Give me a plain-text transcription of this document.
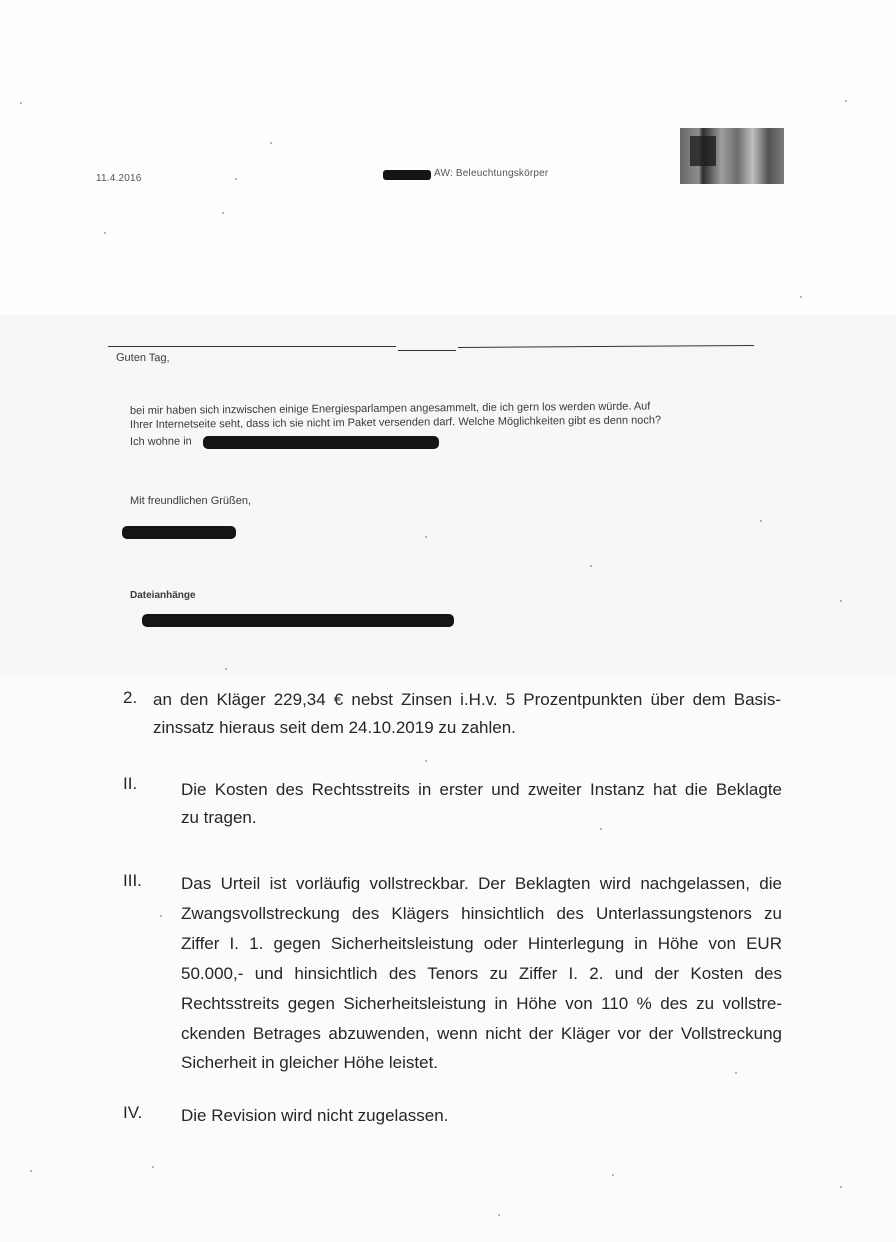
11.4.2016	AW: Beleuchtungskörper
Guten Tag,
bei mir haben sich inzwischen einige Energiesparlampen angesammelt, die ich gern los werden würde. Auf
Ihrer Internetseite seht, dass ich sie nicht im Paket versenden darf. Welche Möglichkeiten gibt es denn noch?
Ich wohne in
Mit freundlichen Grüßen,
Dateianhänge
2. an den Kläger 229,34 € nebst Zinsen i.H.v. 5 Prozentpunkten über dem Basis-
zinssatz hieraus seit dem 24.10.2019 zu zahlen.
II.	Die Kosten des Rechtsstreits in erster und zweiter Instanz hat die Beklagte
zu tragen.
III. Das Urteil ist vorläufig vollstreckbar. Der Beklagten wird nachgelassen, die
Zwangsvollstreckung des Klägers hinsichtlich des Unterlassungstenors zu
Ziffer I. 1. gegen Sicherheitsleistung oder Hinterlegung in Höhe von EUR
50.000,- und hinsichtlich des Tenors zu Ziffer I. 2. und der Kosten des
Rechtsstreits gegen Sicherheitsleistung in Höhe von 110 % des zu vollstre-
ckenden Betrages abzuwenden, wenn nicht der Kläger vor der Vollstreckung
Sicherheit in gleicher Höhe leistet.
IV. Die Revision wird nicht zugelassen.
